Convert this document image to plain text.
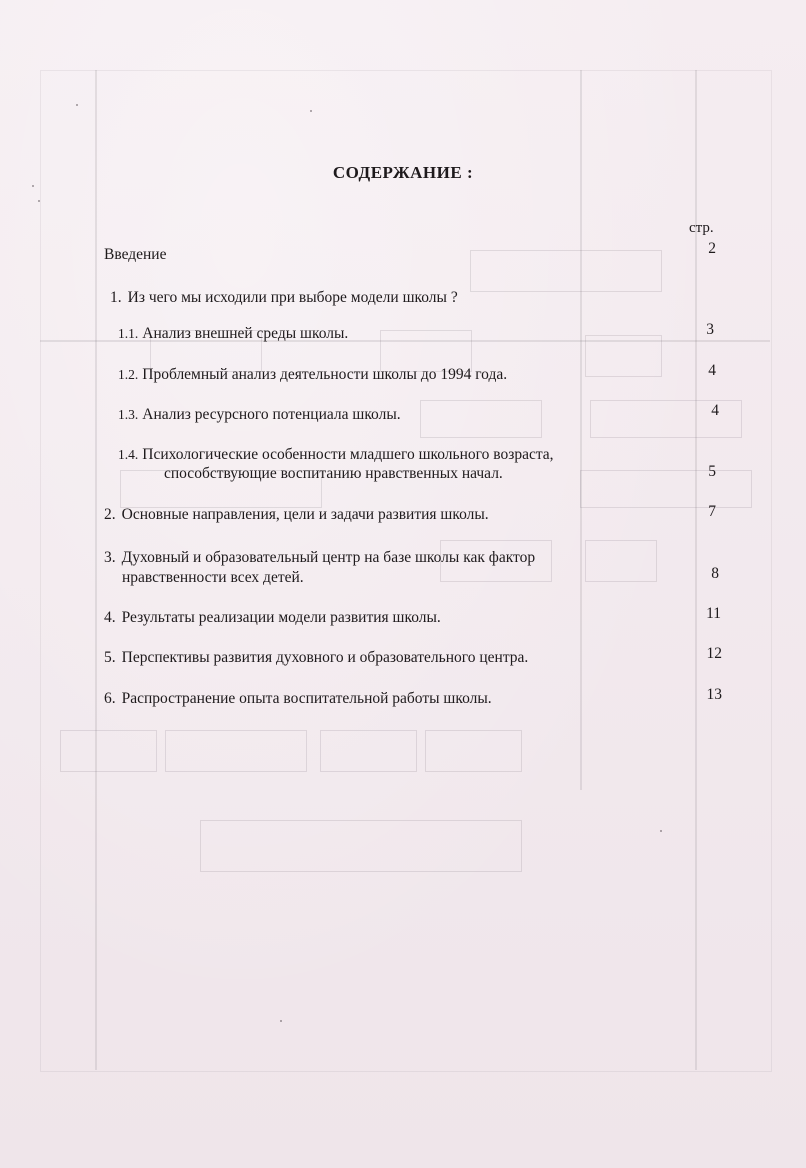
СОДЕРЖАНИЕ :
стр.
Введение	2
1. Из чего мы исходили при выборе модели школы ?
1.1. Анализ внешней среды школы.	3
1.2. Проблемный анализ деятельности школы до 1994 года.	4
1.3. Анализ ресурсного потенциала школы.	4
1.4. Психологические особенности младшего школьного возраста,
способствующие воспитанию нравственных начал.	5
2. Основные направления, цели и задачи развития школы.	7
3. Духовный и образовательный центр на базе школы как фактор
нравственности всех детей.	8
4. Результаты реализации модели развития школы.	11
5. Перспективы развития духовного и образовательного центра.	12
6. Распространение опыта воспитательной работы школы.	13
